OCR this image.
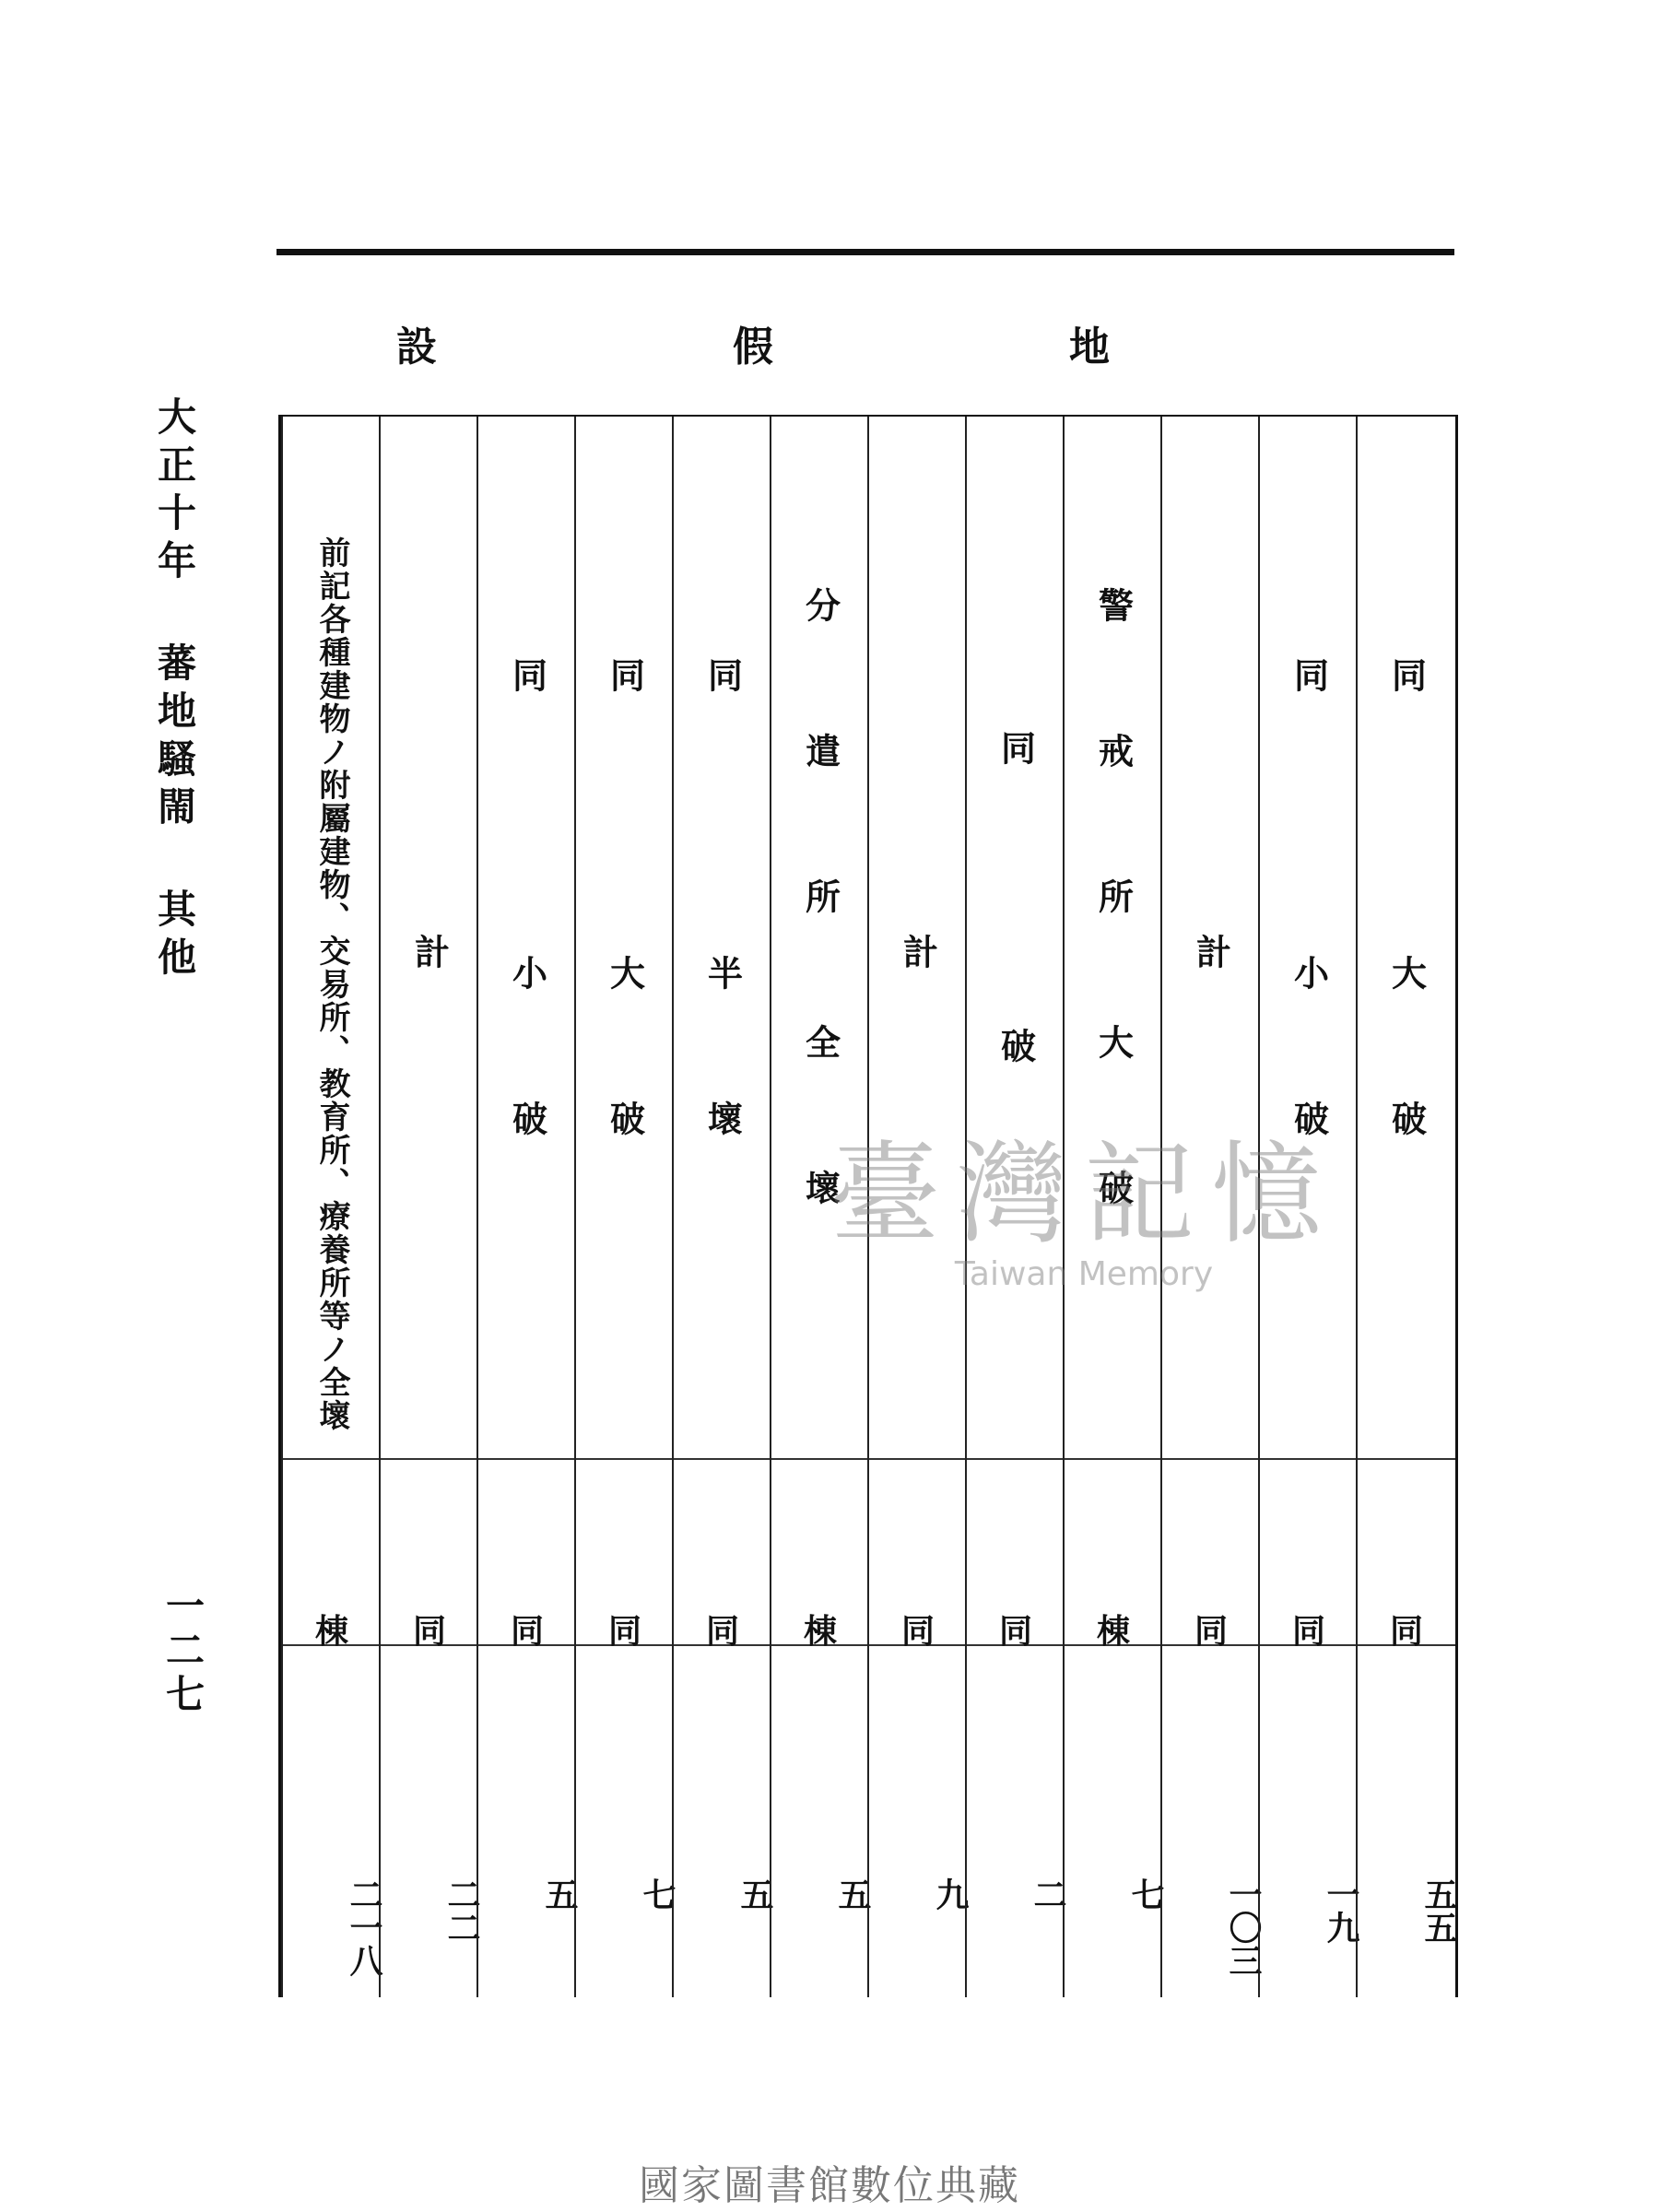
大正十年 蕃地騷閙 其他
一二七
設	假	地
前記各種建物ノ附屬建物、交易所、教育所、療養所等ノ全壞
棟
二一八
計
同
二二
同 小破
同
五
同 大破
同
七
同 半壞
同
五
分遣所全壞
棟
五
計
同
九
同 破
同
二
警戒所大破
棟
七
計
同
一〇三
同 小破
同
一九
同 大破
同
五五
臺灣記憶
Taiwan Memory
國家圖書館數位典藏
